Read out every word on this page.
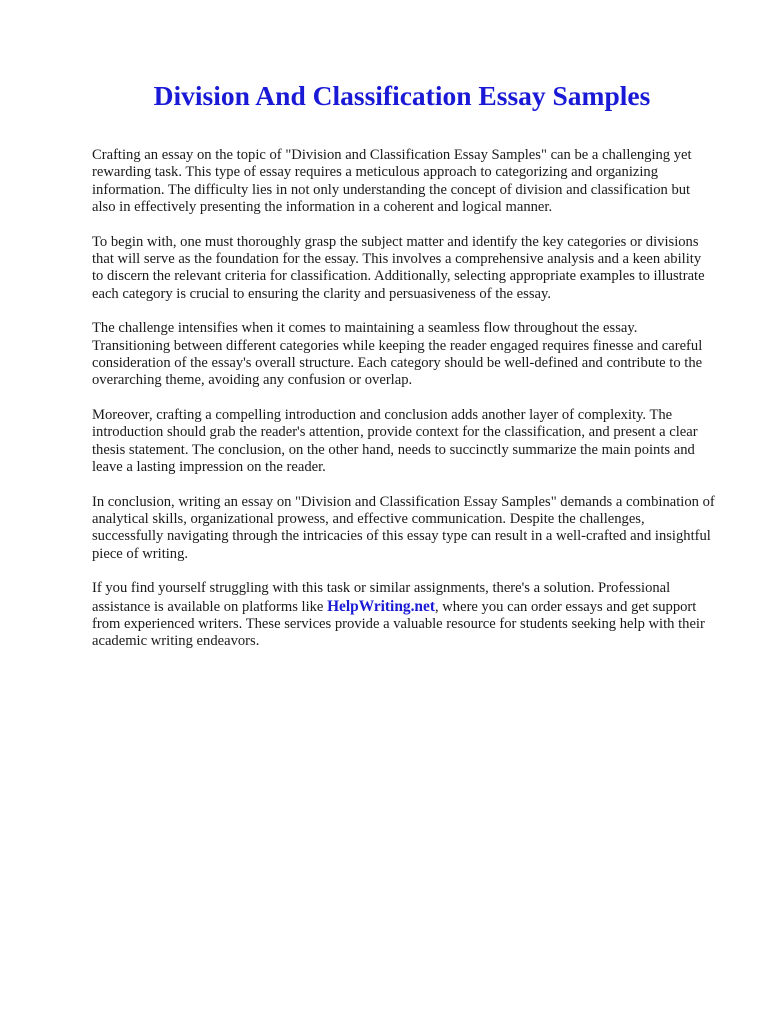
Division And Classification Essay Samples

Crafting an essay on the topic of "Division and Classification Essay Samples" can be a challenging yet rewarding task. This type of essay requires a meticulous approach to categorizing and organizing information. The difficulty lies in not only understanding the concept of division and classification but also in effectively presenting the information in a coherent and logical manner.

To begin with, one must thoroughly grasp the subject matter and identify the key categories or divisions that will serve as the foundation for the essay. This involves a comprehensive analysis and a keen ability to discern the relevant criteria for classification. Additionally, selecting appropriate examples to illustrate each category is crucial to ensuring the clarity and persuasiveness of the essay.

The challenge intensifies when it comes to maintaining a seamless flow throughout the essay. Transitioning between different categories while keeping the reader engaged requires finesse and careful consideration of the essay's overall structure. Each category should be well-defined and contribute to the overarching theme, avoiding any confusion or overlap.

Moreover, crafting a compelling introduction and conclusion adds another layer of complexity. The introduction should grab the reader's attention, provide context for the classification, and present a clear thesis statement. The conclusion, on the other hand, needs to succinctly summarize the main points and leave a lasting impression on the reader.

In conclusion, writing an essay on "Division and Classification Essay Samples" demands a combination of analytical skills, organizational prowess, and effective communication. Despite the challenges, successfully navigating through the intricacies of this essay type can result in a well-crafted and insightful piece of writing.

If you find yourself struggling with this task or similar assignments, there's a solution. Professional assistance is available on platforms like HelpWriting.net, where you can order essays and get support from experienced writers. These services provide a valuable resource for students seeking help with their academic writing endeavors.
